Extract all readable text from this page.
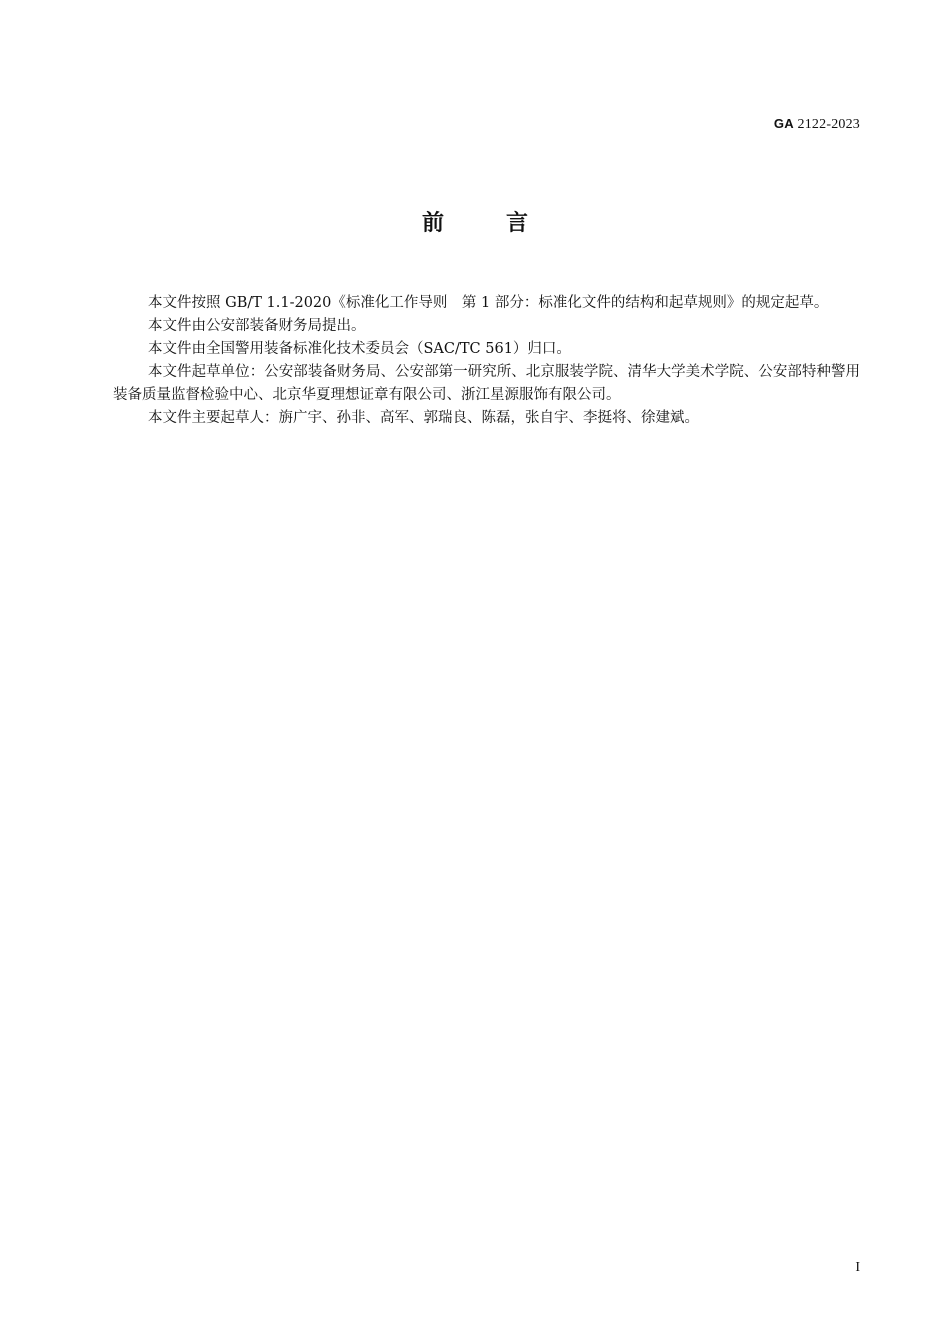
GA 2122-2023
前	言

本文件按照 GB/T 1.1-2020《标准化工作导则　第 1 部分：标准化文件的结构和起草规则》的规定起草。

本文件由公安部装备财务局提出。

本文件由全国警用装备标准化技术委员会（SAC/TC 561）归口。

本文件起草单位：公安部装备财务局、公安部第一研究所、北京服装学院、清华大学美术学院、公安部特种警用装备质量监督检验中心、北京华夏理想证章有限公司、浙江星源服饰有限公司。

本文件主要起草人：旃广宇、孙非、高军、郭瑞良、陈磊，张自宇、李挺将、徐建斌。

I
